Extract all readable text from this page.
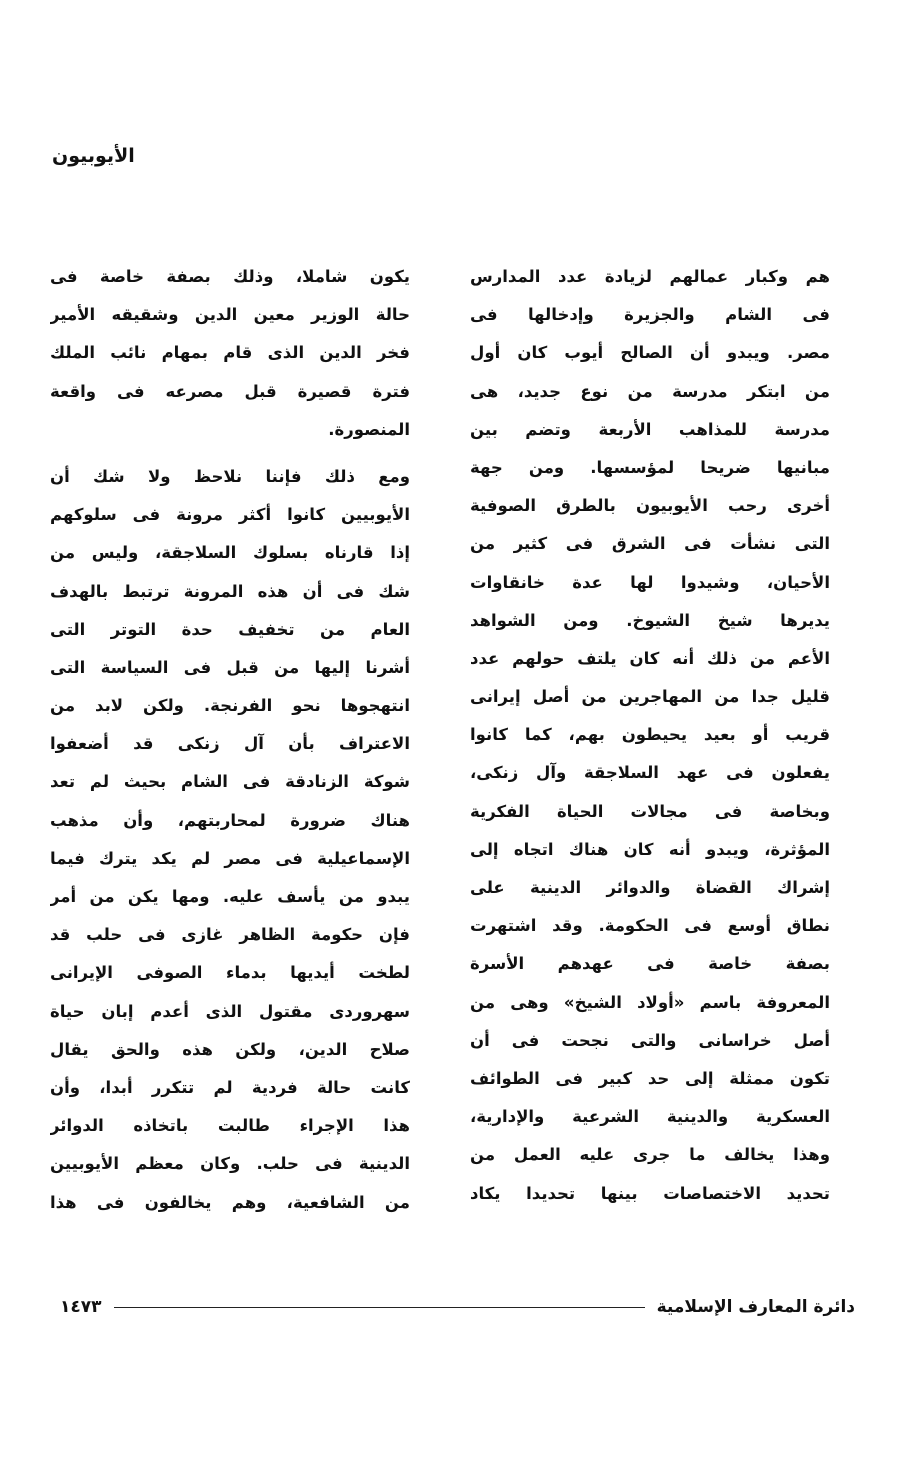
الأيوبيون
هم وكبار عمالهم لزيادة عدد المدارس
فى الشام والجزيرة وإدخالها فى
مصر. ويبدو أن الصالح أيوب كان أول
من ابتكر مدرسة من نوع جديد، هى
مدرسة للمذاهب الأربعة وتضم بين
مبانيها ضريحا لمؤسسها. ومن جهة
أخرى رحب الأيوبيون بالطرق الصوفية
التى نشأت فى الشرق فى كثير من
الأحيان، وشيدوا لها عدة خانقاوات
يديرها شيخ الشيوخ. ومن الشواهد
الأعم من ذلك أنه كان يلتف حولهم عدد
قليل جدا من المهاجرين من أصل إيرانى
قريب أو بعيد يحيطون بهم، كما كانوا
يفعلون فى عهد السلاجقة وآل زنكى،
وبخاصة فى مجالات الحياة الفكرية
المؤثرة، ويبدو أنه كان هناك اتجاه إلى
إشراك القضاة والدوائر الدينية على
نطاق أوسع فى الحكومة. وقد اشتهرت
بصفة خاصة فى عهدهم الأسرة
المعروفة باسم «أولاد الشيخ» وهى من
أصل خراسانى والتى نجحت فى أن
تكون ممثلة إلى حد كبير فى الطوائف
العسكرية والدينية الشرعية والإدارية،
وهذا يخالف ما جرى عليه العمل من
تحديد الاختصاصات بينها تحديدا يكاد
يكون شاملا، وذلك بصفة خاصة فى
حالة الوزير معين الدين وشقيقه الأمير
فخر الدين الذى قام بمهام نائب الملك
فترة قصيرة قبل مصرعه فى واقعة
المنصورة.
ومع ذلك فإننا نلاحظ ولا شك أن
الأيوبيين كانوا أكثر مرونة فى سلوكهم
إذا قارناه بسلوك السلاجقة، وليس من
شك فى أن هذه المرونة ترتبط بالهدف
العام من تخفيف حدة التوتر التى
أشرنا إليها من قبل فى السياسة التى
انتهجوها نحو الفرنجة. ولكن لابد من
الاعتراف بأن آل زنكى قد أضعفوا
شوكة الزنادقة فى الشام بحيث لم تعد
هناك ضرورة لمحاربتهم، وأن مذهب
الإسماعيلية فى مصر لم يكد يترك فيما
يبدو من يأسف عليه. ومها يكن من أمر
فإن حكومة الظاهر غازى فى حلب قد
لطخت أيديها بدماء الصوفى الإيرانى
سهروردى مقتول الذى أعدم إبان حياة
صلاح الدين، ولكن هذه والحق يقال
كانت حالة فردية لم تتكرر أبدا، وأن
هذا الإجراء طالبت باتخاذه الدوائر
الدينية فى حلب. وكان معظم الأيوبيين
من الشافعية، وهم يخالفون فى هذا
دائرة المعارف الإسلامية
١٤٧٣
